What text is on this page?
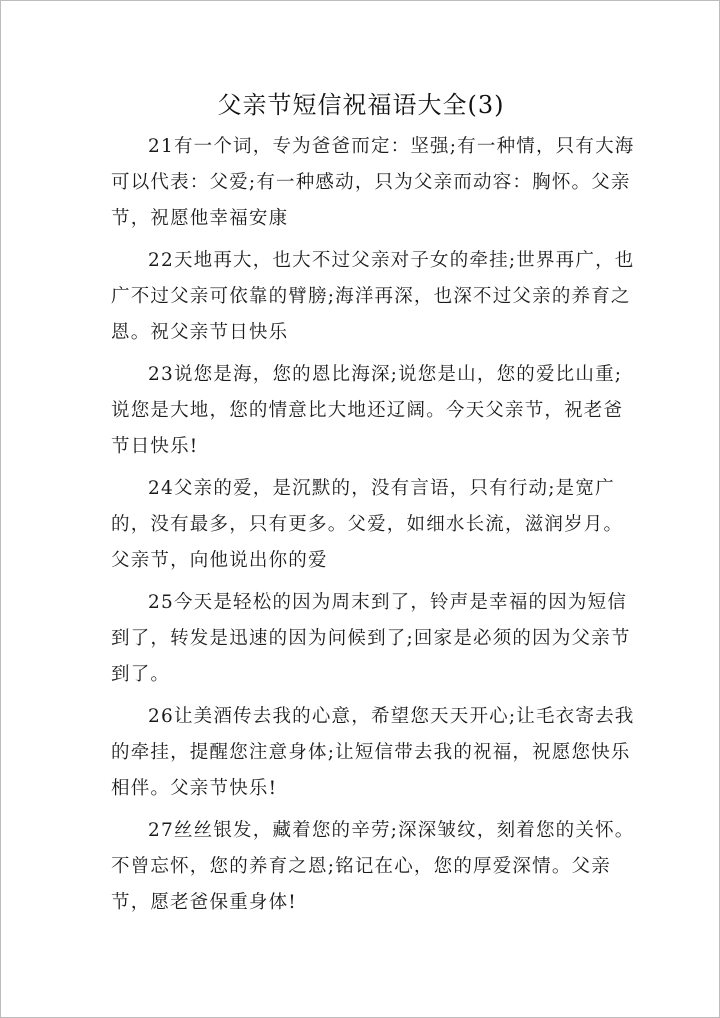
父亲节短信祝福语大全(3)

21有一个词，专为爸爸而定：坚强;有一种情，只有大海可以代表：父爱;有一种感动，只为父亲而动容：胸怀。父亲节，祝愿他幸福安康

22天地再大，也大不过父亲对子女的牵挂;世界再广，也广不过父亲可依靠的臂膀;海洋再深，也深不过父亲的养育之恩。祝父亲节日快乐

23说您是海，您的恩比海深;说您是山，您的爱比山重;说您是大地，您的情意比大地还辽阔。今天父亲节，祝老爸节日快乐!

24父亲的爱，是沉默的，没有言语，只有行动;是宽广的，没有最多，只有更多。父爱，如细水长流，滋润岁月。父亲节，向他说出你的爱

25今天是轻松的因为周末到了，铃声是幸福的因为短信到了，转发是迅速的因为问候到了;回家是必须的因为父亲节到了。

26让美酒传去我的心意，希望您天天开心;让毛衣寄去我的牵挂，提醒您注意身体;让短信带去我的祝福，祝愿您快乐相伴。父亲节快乐!

27丝丝银发，藏着您的辛劳;深深皱纹，刻着您的关怀。不曾忘怀，您的养育之恩;铭记在心，您的厚爱深情。父亲节，愿老爸保重身体!
